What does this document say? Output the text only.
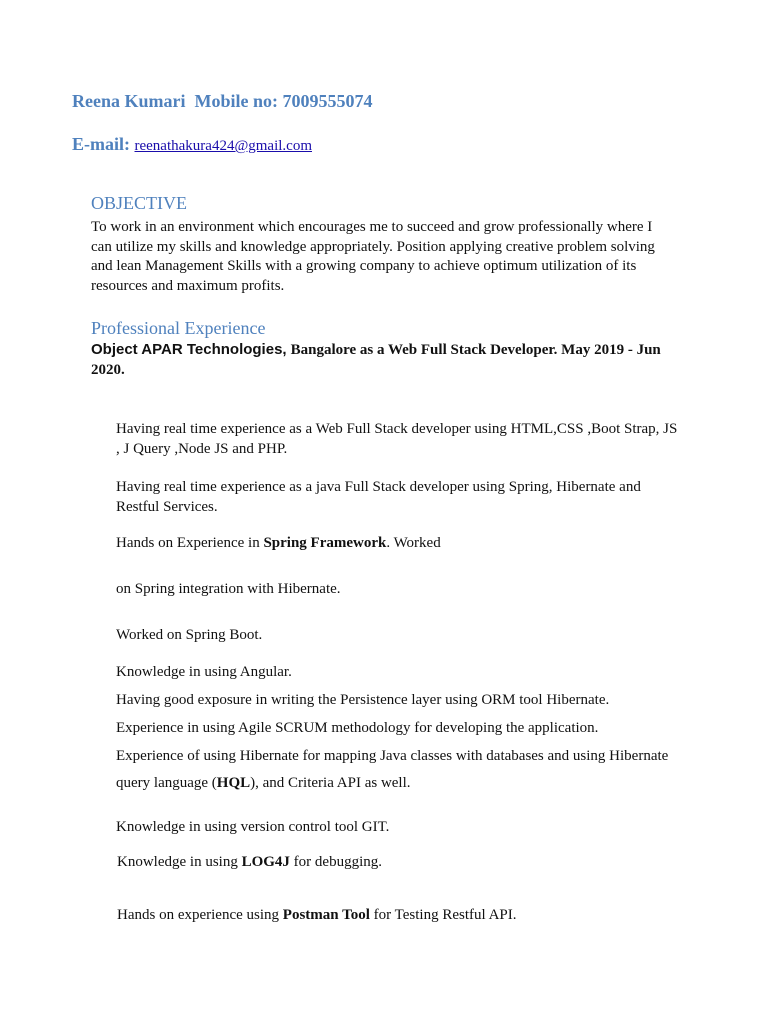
Reena Kumari Mobile no: 7009555074
E-mail: reenathakura424@gmail.com
OBJECTIVE
To work in an environment which encourages me to succeed and grow professionally where I can utilize my skills and knowledge appropriately. Position applying creative problem solving and lean Management Skills with a growing company to achieve optimum utilization of its resources and maximum profits.
Professional Experience
Object APAR Technologies, Bangalore as a Web Full Stack Developer. May 2019 - Jun 2020.
Having real time experience as a Web Full Stack developer using HTML,CSS ,Boot Strap, JS , J Query ,Node JS and PHP.
Having real time experience as a java Full Stack developer using Spring, Hibernate and Restful Services.
Hands on Experience in Spring Framework. Worked
on Spring integration with Hibernate.
Worked on Spring Boot.
Knowledge in using Angular.
Having good exposure in writing the Persistence layer using ORM tool Hibernate.
Experience in using Agile SCRUM methodology for developing the application.
Experience of using Hibernate for mapping Java classes with databases and using Hibernate
query language (HQL), and Criteria API as well.
Knowledge in using version control tool GIT.
Knowledge in using LOG4J for debugging.
Hands on experience using Postman Tool for Testing Restful API.
